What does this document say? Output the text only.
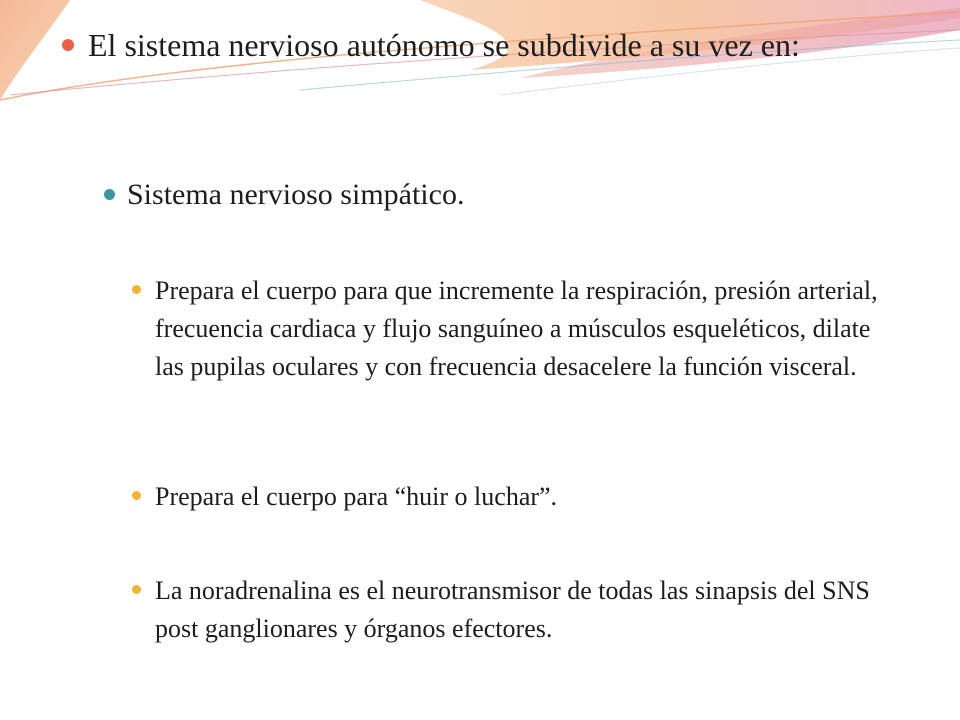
El sistema nervioso autónomo se subdivide a su vez en:

Sistema nervioso simpático.

Prepara el cuerpo para que incremente la respiración, presión arterial, frecuencia cardiaca y flujo sanguíneo a músculos esqueléticos, dilate las pupilas oculares y con frecuencia desacelere la función visceral.

Prepara el cuerpo para “huir o luchar”.

La noradrenalina es el neurotransmisor de todas las sinapsis del SNS post ganglionares y órganos efectores.
